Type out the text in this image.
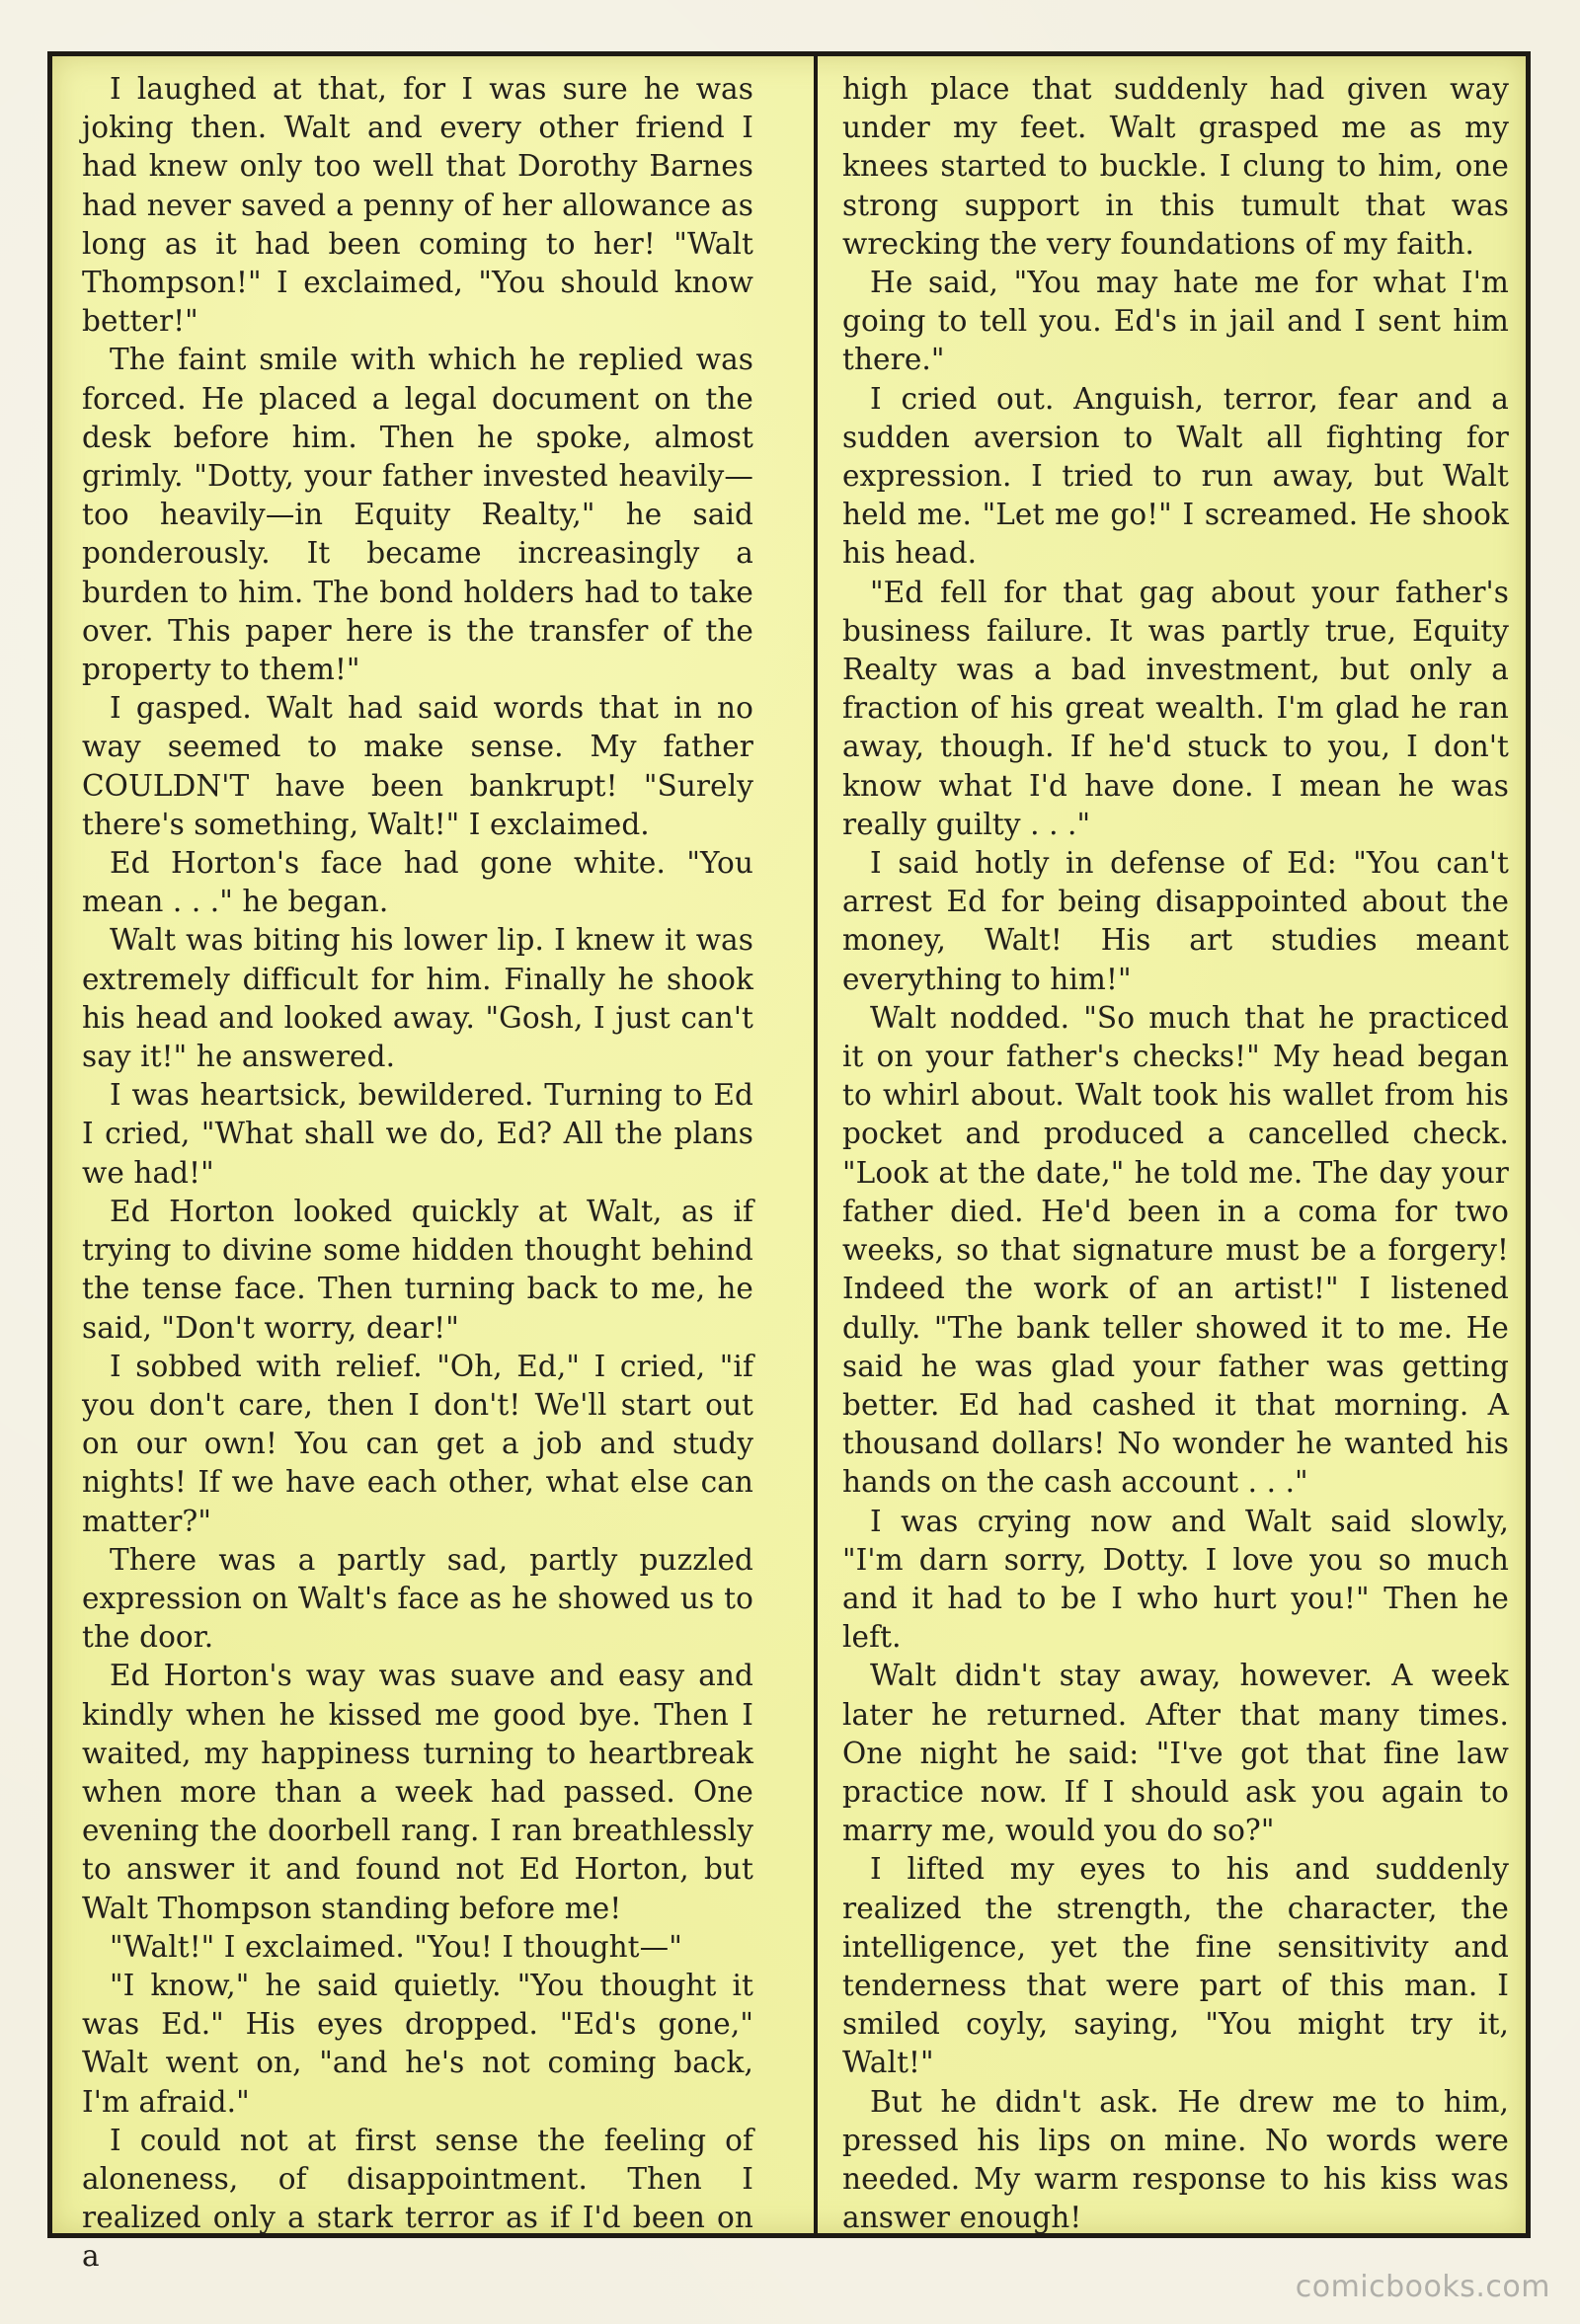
I laughed at that, for I was sure he was joking then. Walt and every other friend I had knew only too well that Dorothy Barnes had never saved a penny of her allowance as long as it had been coming to her! "Walt Thompson!" I exclaimed, "You should know better!"

The faint smile with which he replied was forced. He placed a legal document on the desk before him. Then he spoke, almost grimly. "Dotty, your father invested heavily—too heavily—in Equity Realty," he said ponderously. It became increasingly a burden to him. The bond holders had to take over. This paper here is the transfer of the property to them!"

I gasped. Walt had said words that in no way seemed to make sense. My father COULDN'T have been bankrupt! "Surely there's something, Walt!" I exclaimed.

Ed Horton's face had gone white. "You mean . . ." he began.

Walt was biting his lower lip. I knew it was extremely difficult for him. Finally he shook his head and looked away. "Gosh, I just can't say it!" he answered.

I was heartsick, bewildered. Turning to Ed I cried, "What shall we do, Ed? All the plans we had!"

Ed Horton looked quickly at Walt, as if trying to divine some hidden thought behind the tense face. Then turning back to me, he said, "Don't worry, dear!"

I sobbed with relief. "Oh, Ed," I cried, "if you don't care, then I don't! We'll start out on our own! You can get a job and study nights! If we have each other, what else can matter?"

There was a partly sad, partly puzzled expression on Walt's face as he showed us to the door.

Ed Horton's way was suave and easy and kindly when he kissed me good bye. Then I waited, my happiness turning to heartbreak when more than a week had passed. One evening the doorbell rang. I ran breathlessly to answer it and found not Ed Horton, but Walt Thompson standing before me!

"Walt!" I exclaimed. "You! I thought—"

"I know," he said quietly. "You thought it was Ed." His eyes dropped. "Ed's gone," Walt went on, "and he's not coming back, I'm afraid."

I could not at first sense the feeling of aloneness, of disappointment. Then I realized only a stark terror as if I'd been on a

high place that suddenly had given way under my feet. Walt grasped me as my knees started to buckle. I clung to him, one strong support in this tumult that was wrecking the very foundations of my faith.

He said, "You may hate me for what I'm going to tell you. Ed's in jail and I sent him there."

I cried out. Anguish, terror, fear and a sudden aversion to Walt all fighting for expression. I tried to run away, but Walt held me. "Let me go!" I screamed. He shook his head.

"Ed fell for that gag about your father's business failure. It was partly true, Equity Realty was a bad investment, but only a fraction of his great wealth. I'm glad he ran away, though. If he'd stuck to you, I don't know what I'd have done. I mean he was really guilty . . ."

I said hotly in defense of Ed: "You can't arrest Ed for being disappointed about the money, Walt! His art studies meant everything to him!"

Walt nodded. "So much that he practiced it on your father's checks!" My head began to whirl about. Walt took his wallet from his pocket and produced a cancelled check. "Look at the date," he told me. The day your father died. He'd been in a coma for two weeks, so that signature must be a forgery! Indeed the work of an artist!" I listened dully. "The bank teller showed it to me. He said he was glad your father was getting better. Ed had cashed it that morning. A thousand dollars! No wonder he wanted his hands on the cash account . . ."

I was crying now and Walt said slowly, "I'm darn sorry, Dotty. I love you so much and it had to be I who hurt you!" Then he left.

Walt didn't stay away, however. A week later he returned. After that many times. One night he said: "I've got that fine law practice now. If I should ask you again to marry me, would you do so?"

I lifted my eyes to his and suddenly realized the strength, the character, the intelligence, yet the fine sensitivity and tenderness that were part of this man. I smiled coyly, saying, "You might try it, Walt!"

But he didn't ask. He drew me to him, pressed his lips on mine. No words were needed. My warm response to his kiss was answer enough!

comicbooks.com
